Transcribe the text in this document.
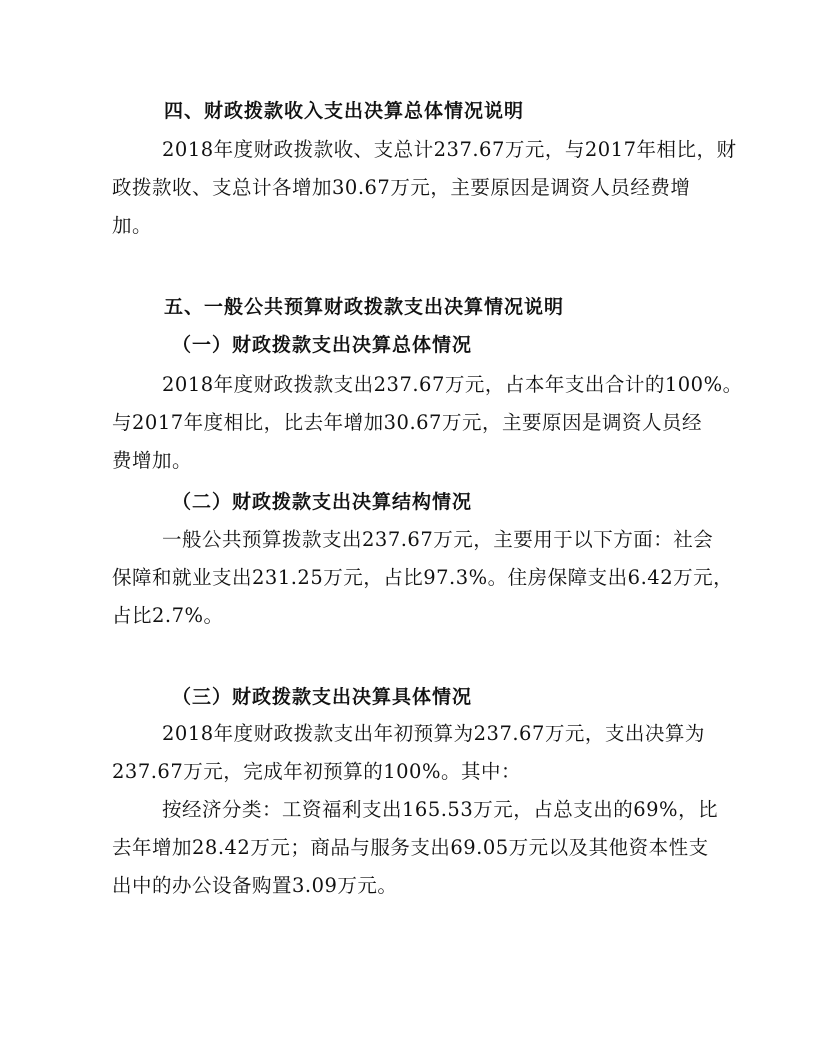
四、财政拨款收入支出决算总体情况说明
2018年度财政拨款收、支总计237.67万元，与2017年相比，财
政拨款收、支总计各增加30.67万元，主要原因是调资人员经费增
加。
五、一般公共预算财政拨款支出决算情况说明
（一）财政拨款支出决算总体情况
2018年度财政拨款支出237.67万元，占本年支出合计的100%。
与2017年度相比，比去年增加30.67万元，主要原因是调资人员经
费增加。
（二）财政拨款支出决算结构情况
一般公共预算拨款支出237.67万元，主要用于以下方面：社会
保障和就业支出231.25万元，占比97.3%。住房保障支出6.42万元，
占比2.7%。
（三）财政拨款支出决算具体情况
2018年度财政拨款支出年初预算为237.67万元，支出决算为
237.67万元，完成年初预算的100%。其中：
按经济分类：工资福利支出165.53万元，占总支出的69%，比
去年增加28.42万元；商品与服务支出69.05万元以及其他资本性支
出中的办公设备购置3.09万元。
